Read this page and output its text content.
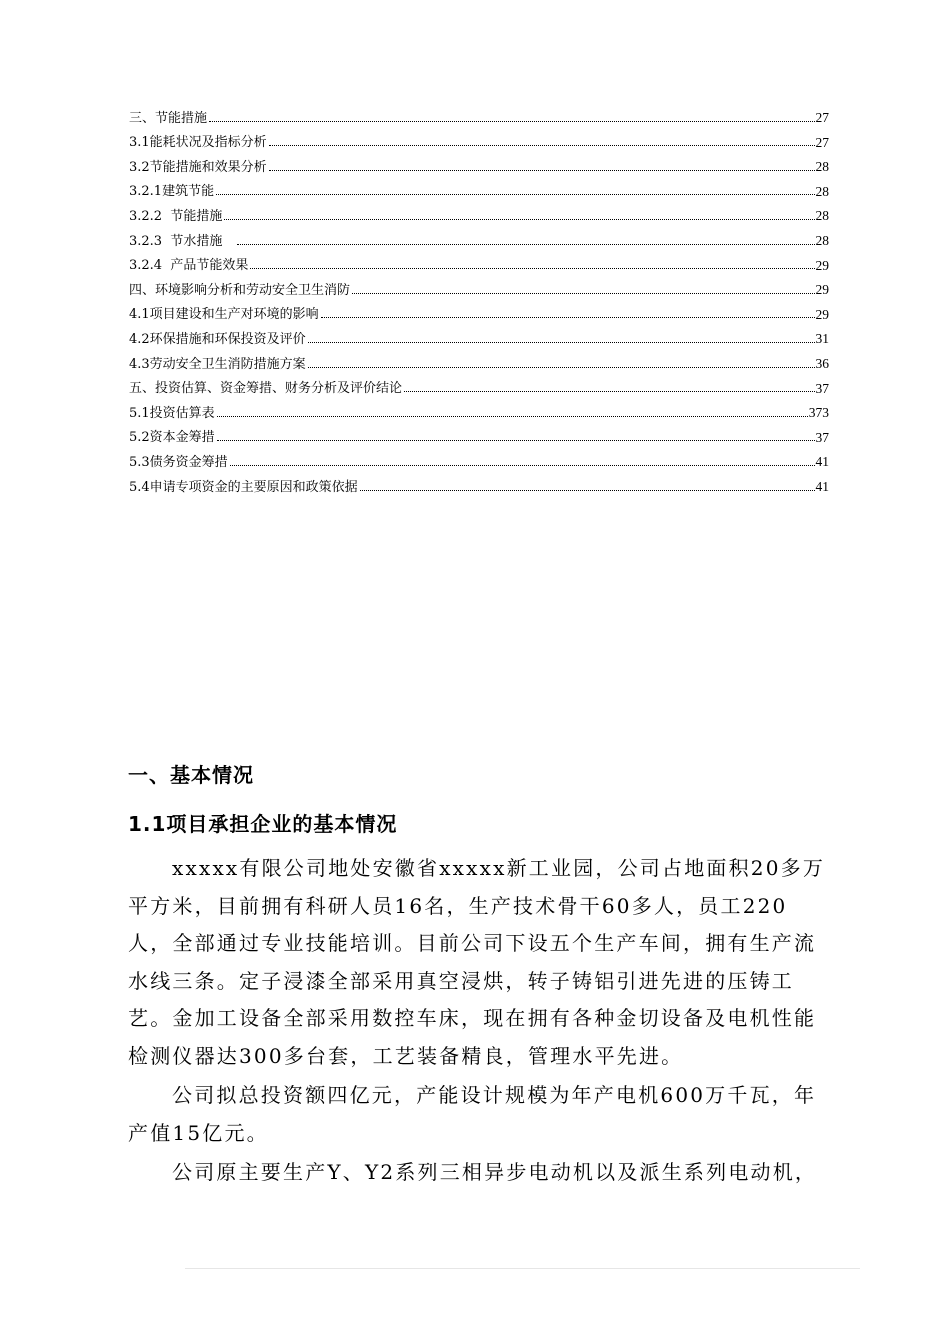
三、节能措施	27
3.1能耗状况及指标分析	27
3.2节能措施和效果分析	28
3.2.1建筑节能	28
3.2.2  节能措施	28
3.2.3  节水措施	28
3.2.4  产品节能效果	29
四、环境影响分析和劳动安全卫生消防	29
4.1项目建设和生产对环境的影响	29
4.2环保措施和环保投资及评价	31
4.3劳动安全卫生消防措施方案	36
五、投资估算、资金筹措、财务分析及评价结论	37
5.1投资估算表	373
5.2资本金筹措	37
5.3债务资金筹措	41
5.4申请专项资金的主要原因和政策依据	41
一、基本情况
1.1项目承担企业的基本情况

xxxxx有限公司地处安徽省xxxxx新工业园，公司占地面积20多万平方米，目前拥有科研人员16名，生产技术骨干60多人，员工220人，全部通过专业技能培训。目前公司下设五个生产车间，拥有生产流水线三条。定子浸漆全部采用真空浸烘，转子铸铝引进先进的压铸工艺。金加工设备全部采用数控车床，现在拥有各种金切设备及电机性能检测仪器达300多台套，工艺装备精良，管理水平先进。

公司拟总投资额四亿元，产能设计规模为年产电机600万千瓦，年产值15亿元。

公司原主要生产Y、Y2系列三相异步电动机以及派生系列电动机，
